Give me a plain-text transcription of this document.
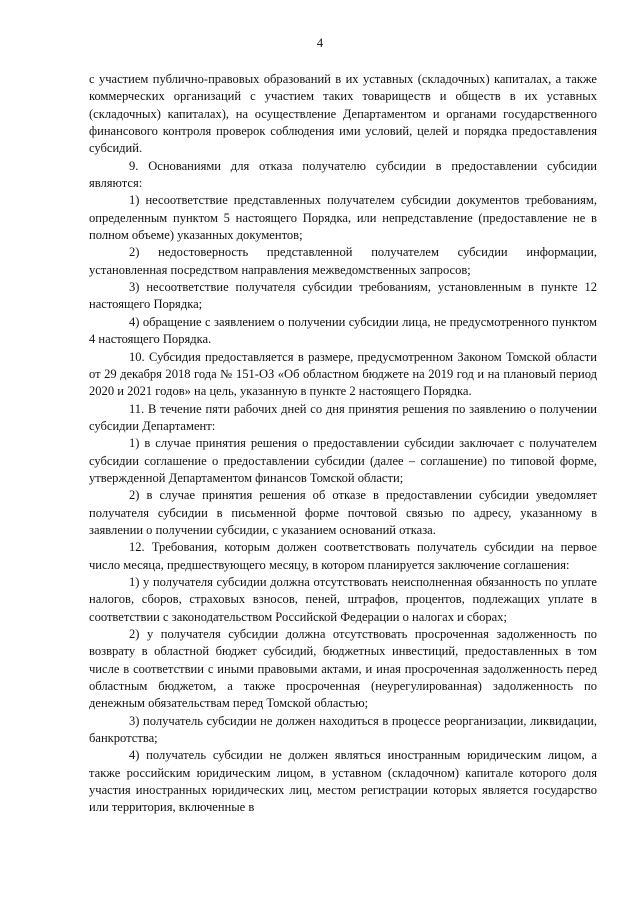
4

с участием публично-правовых образований в их уставных (складочных) капиталах, а также коммерческих организаций с участием таких товариществ и обществ в их уставных (складочных) капиталах), на осуществление Департаментом и органами государственного финансового контроля проверок соблюдения ими условий, целей и порядка предоставления субсидий.

9. Основаниями для отказа получателю субсидии в предоставлении субсидии являются:

1) несоответствие представленных получателем субсидии документов требованиям, определенным пунктом 5 настоящего Порядка, или непредставление (предоставление не в полном объеме) указанных документов;

2) недостоверность представленной получателем субсидии информации, установленная посредством направления межведомственных запросов;

3) несоответствие получателя субсидии требованиям, установленным в пункте 12 настоящего Порядка;

4) обращение с заявлением о получении субсидии лица, не предусмотренного пунктом 4 настоящего Порядка.

10. Субсидия предоставляется в размере, предусмотренном Законом Томской области от 29 декабря 2018 года № 151-ОЗ «Об областном бюджете на 2019 год и на плановый период 2020 и 2021 годов» на цель, указанную в пункте 2 настоящего Порядка.

11. В течение пяти рабочих дней со дня принятия решения по заявлению о получении субсидии Департамент:

1) в случае принятия решения о предоставлении субсидии заключает с получателем субсидии соглашение о предоставлении субсидии (далее – соглашение) по типовой форме, утвержденной Департаментом финансов Томской области;

2) в случае принятия решения об отказе в предоставлении субсидии уведомляет получателя субсидии в письменной форме почтовой связью по адресу, указанному в заявлении о получении субсидии, с указанием оснований отказа.

12. Требования, которым должен соответствовать получатель субсидии на первое число месяца, предшествующего месяцу, в котором планируется заключение соглашения:

1) у получателя субсидии должна отсутствовать неисполненная обязанность по уплате налогов, сборов, страховых взносов, пеней, штрафов, процентов, подлежащих уплате в соответствии с законодательством Российской Федерации о налогах и сборах;

2) у получателя субсидии должна отсутствовать просроченная задолженность по возврату в областной бюджет субсидий, бюджетных инвестиций, предоставленных в том числе в соответствии с иными правовыми актами, и иная просроченная задолженность перед областным бюджетом, а также просроченная (неурегулированная) задолженность по денежным обязательствам перед Томской областью;

3) получатель субсидии не должен находиться в процессе реорганизации, ликвидации, банкротства;

4) получатель субсидии не должен являться иностранным юридическим лицом, а также российским юридическим лицом, в уставном (складочном) капитале которого доля участия иностранных юридических лиц, местом регистрации которых является государство или территория, включенные в
